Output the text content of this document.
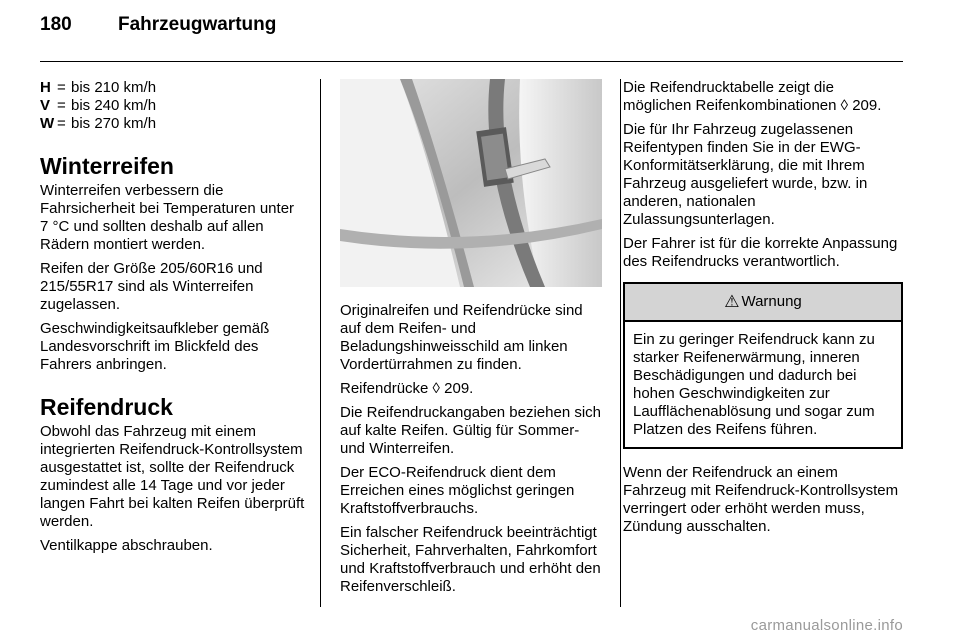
180 Fahrzeugwartung
H = bis 210 km/h
V = bis 240 km/h
W = bis 270 km/h
Winterreifen

Winterreifen verbessern die Fahrsicherheit bei Temperaturen unter 7 °C und sollten deshalb auf allen Rädern montiert werden.

Reifen der Größe 205/60R16 und 215/55R17 sind als Winterreifen zugelassen.

Geschwindigkeitsaufkleber gemäß Landesvorschrift im Blickfeld des Fahrers anbringen.

Reifendruck

Obwohl das Fahrzeug mit einem integrierten Reifendruck-Kontrollsystem ausgestattet ist, sollte der Reifendruck zumindest alle 14 Tage und vor jeder langen Fahrt bei kalten Reifen überprüft werden.

Ventilkappe abschrauben.

Originalreifen und Reifendrücke sind auf dem Reifen- und Beladungshinweisschild am linken Vordertürrahmen zu finden.

Reifendrücke ◊ 209.

Die Reifendruckangaben beziehen sich auf kalte Reifen. Gültig für Sommer- und Winterreifen.

Der ECO-Reifendruck dient dem Erreichen eines möglichst geringen Kraftstoffverbrauchs.

Ein falscher Reifendruck beeinträchtigt Sicherheit, Fahrverhalten, Fahrkomfort und Kraftstoffverbrauch und erhöht den Reifenverschleiß.

Die Reifendrucktabelle zeigt die möglichen Reifenkombinationen ◊ 209.

Die für Ihr Fahrzeug zugelassenen Reifentypen finden Sie in der EWG-Konformitätserklärung, die mit Ihrem Fahrzeug ausgeliefert wurde, bzw. in anderen, nationalen Zulassungsunterlagen.

Der Fahrer ist für die korrekte Anpassung des Reifendrucks verantwortlich.

⚠ Warnung
Ein zu geringer Reifendruck kann zu starker Reifenerwärmung, inneren Beschädigungen und dadurch bei hohen Geschwindigkeiten zur Laufflächenablösung und sogar zum Platzen des Reifens führen.

Wenn der Reifendruck an einem Fahrzeug mit Reifendruck-Kontrollsystem verringert oder erhöht werden muss, Zündung ausschalten.

carmanualsonline.info
